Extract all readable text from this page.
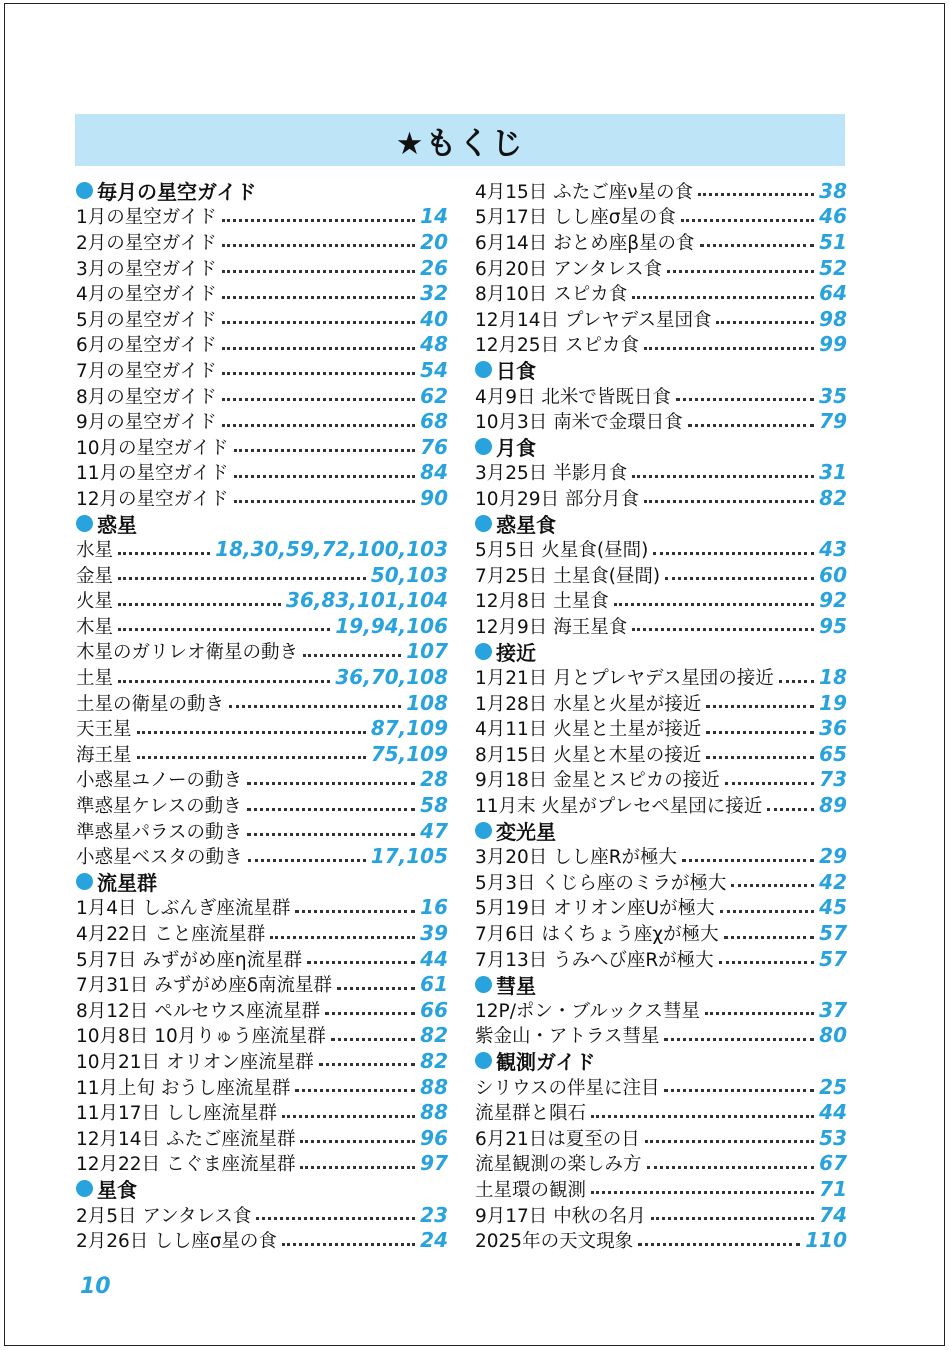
★もくじ
毎月の星空ガイド
1月の星空ガイド	14
2月の星空ガイド	20
3月の星空ガイド	26
4月の星空ガイド	32
5月の星空ガイド	40
6月の星空ガイド	48
7月の星空ガイド	54
8月の星空ガイド	62
9月の星空ガイド	68
10月の星空ガイド	76
11月の星空ガイド	84
12月の星空ガイド	90
惑星
水星	18,30,59,72,100,103
金星	50,103
火星	36,83,101,104
木星	19,94,106
木星のガリレオ衛星の動き	107
土星	36,70,108
土星の衛星の動き	108
天王星	87,109
海王星	75,109
小惑星ユノーの動き	28
準惑星ケレスの動き	58
準惑星パラスの動き	47
小惑星ベスタの動き	17,105
流星群
1月4日 しぶんぎ座流星群	16
4月22日 こと座流星群	39
5月7日 みずがめ座η流星群	44
7月31日 みずがめ座δ南流星群	61
8月12日 ペルセウス座流星群	66
10月8日 10月りゅう座流星群	82
10月21日 オリオン座流星群	82
11月上旬 おうし座流星群	88
11月17日 しし座流星群	88
12月14日 ふたご座流星群	96
12月22日 こぐま座流星群	97
星食
2月5日 アンタレス食	23
2月26日 しし座σ星の食	24
4月15日 ふたご座ν星の食	38
5月17日 しし座σ星の食	46
6月14日 おとめ座β星の食	51
6月20日 アンタレス食	52
8月10日 スピカ食	64
12月14日 プレヤデス星団食	98
12月25日 スピカ食	99
日食
4月9日 北米で皆既日食	35
10月3日 南米で金環日食	79
月食
3月25日 半影月食	31
10月29日 部分月食	82
惑星食
5月5日 火星食(昼間)	43
7月25日 土星食(昼間)	60
12月8日 土星食	92
12月9日 海王星食	95
接近
1月21日 月とプレヤデス星団の接近 18
1月28日 水星と火星が接近	19
4月11日 火星と土星が接近	36
8月15日 火星と木星の接近	65
9月18日 金星とスピカの接近	73
11月末 火星がプレセペ星団に接近	89
変光星
3月20日 しし座Rが極大	29
5月3日 くじら座のミラが極大	42
5月19日 オリオン座Uが極大	45
7月6日 はくちょう座χが極大	57
7月13日 うみへび座Rが極大	57
彗星
12P/ポン・ブルックス彗星	37
紫金山・アトラス彗星	80
観測ガイド
シリウスの伴星に注目	25
流星群と隕石	44
6月21日は夏至の日	53
流星観測の楽しみ方	67
土星環の観測	71
9月17日 中秋の名月	74
2025年の天文現象	110
10
